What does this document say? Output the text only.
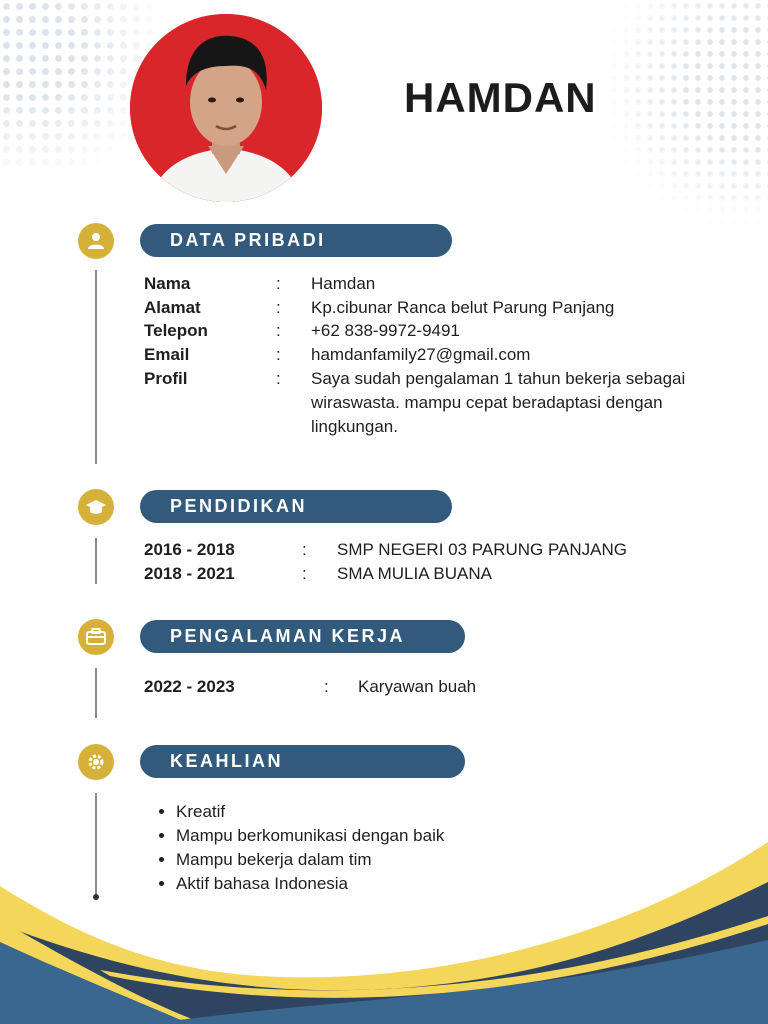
HAMDAN
DATA PRIBADI
Nama	: Hamdan
Alamat	: Kp.cibunar Ranca belut Parung Panjang
Telepon	: +62 838-9972-9491
Email	: hamdanfamily27@gmail.com
Profil	: Saya sudah pengalaman 1 tahun bekerja sebagai wiraswasta. mampu cepat beradaptasi dengan lingkungan.

PENDIDIKAN
2016 - 2018	: SMP NEGERI 03 PARUNG PANJANG
2018 - 2021	: SMA MULIA BUANA
PENGALAMAN KERJA
2022 - 2023	: Karyawan buah
KEAHLIAN
• Kreatif
• Mampu berkomunikasi dengan baik
• Mampu bekerja dalam tim
• Aktif bahasa Indonesia
